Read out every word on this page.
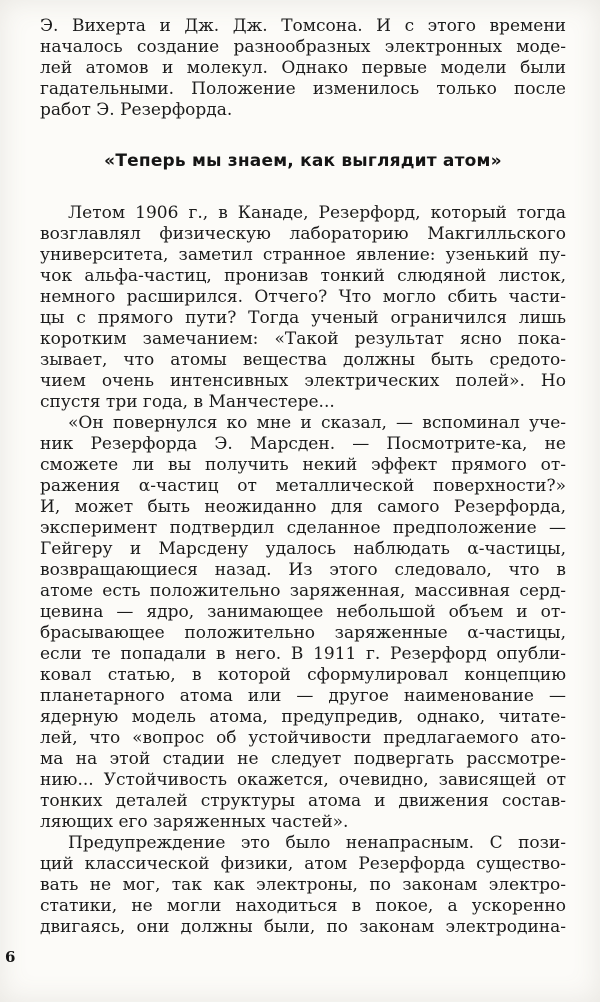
Э. Вихерта и Дж. Дж. Томсона. И с этого времени
началось создание разнообразных электронных моде-
лей атомов и молекул. Однако первые модели были
гадательными. Положение изменилось только после
работ Э. Резерфорда.
«Теперь мы знаем, как выглядит атом»
Летом 1906 г., в Канаде, Резерфорд, который тогда
возглавлял физическую лабораторию Макгилльского
университета, заметил странное явление: узенький пу-
чок альфа-частиц, пронизав тонкий слюдяной листок,
немного расширился. Отчего? Что могло сбить части-
цы с прямого пути? Тогда ученый ограничился лишь
коротким замечанием: «Такой результат ясно пока-
зывает, что атомы вещества должны быть средото-
чием очень интенсивных электрических полей». Но
спустя три года, в Манчестере...
«Он повернулся ко мне и сказал, — вспоминал уче-
ник Резерфорда Э. Марсден. — Посмотрите-ка, не
сможете ли вы получить некий эффект прямого от-
ражения α-частиц от металлической поверхности?»
И, может быть неожиданно для самого Резерфорда,
эксперимент подтвердил сделанное предположение —
Гейгеру и Марсдену удалось наблюдать α-частицы,
возвращающиеся назад. Из этого следовало, что в
атоме есть положительно заряженная, массивная серд-
цевина — ядро, занимающее небольшой объем и от-
брасывающее положительно заряженные α-частицы,
если те попадали в него. В 1911 г. Резерфорд опубли-
ковал статью, в которой сформулировал концепцию
планетарного атома или — другое наименование —
ядерную модель атома, предупредив, однако, читате-
лей, что «вопрос об устойчивости предлагаемого ато-
ма на этой стадии не следует подвергать рассмотре-
нию... Устойчивость окажется, очевидно, зависящей от
тонких деталей структуры атома и движения состав-
ляющих его заряженных частей».
Предупреждение это было ненапрасным. С пози-
ций классической физики, атом Резерфорда существо-
вать не мог, так как электроны, по законам электро-
статики, не могли находиться в покое, а ускоренно
двигаясь, они должны были, по законам электродина-
6
